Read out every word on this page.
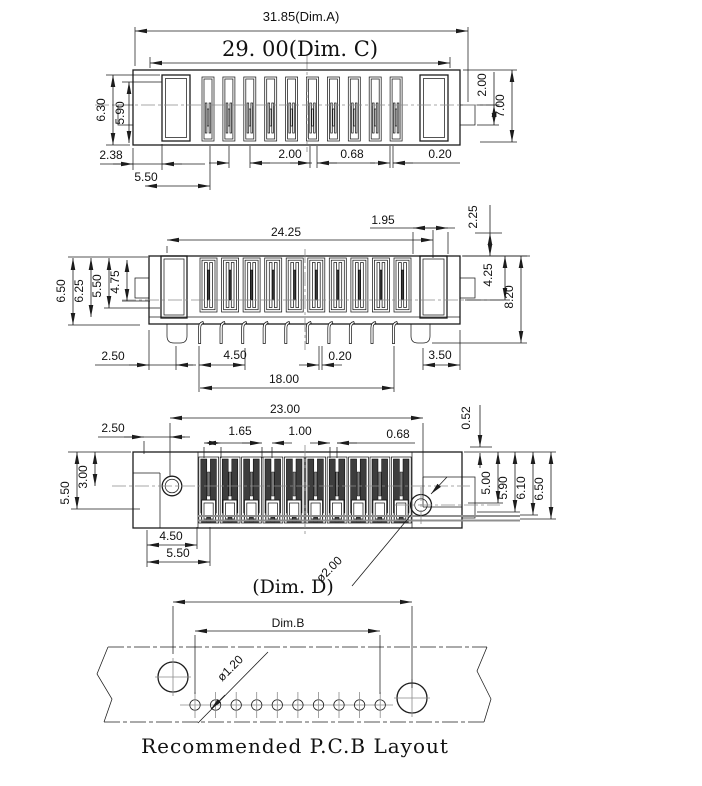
31.85(Dim.A)
29. 00(Dim. C)
6.30 5.90
2.38
5.50
2.00	0.68	0.20
2.00
7.00
24.25
1.95	2.25
6.50 6.25 5.50 4.75	4.25
8.20
2.50	4.50	0.20	3.50
18.00
23.00
2.50	1.65	1.00	0.68
0.52
5.50
3.00	5.00 5.90 6.10 6.50
4.50
5.50
ø2.00
(Dim. D)
Dim.B
ø1.20
Recommended P.C.B Layout
